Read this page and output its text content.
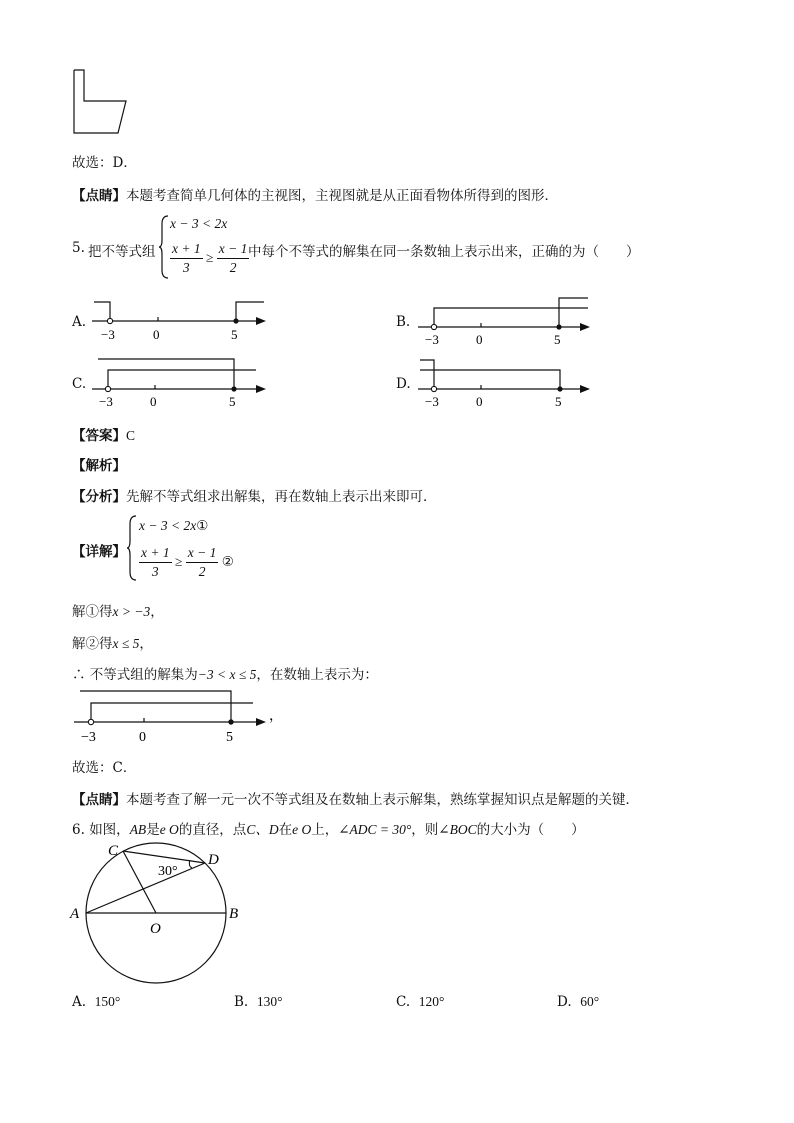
故选：D．
【点睛】本题考查简单几何体的主视图，主视图就是从正面看物体所得到的图形．
5. 把不等式组
x − 3 < 2x
$\frac{x + 1}{3} \ge \frac{x - 1}{2}$
中每个不等式的解集在同一条数轴上表示出来，正确的为（　　）
A.
−3	0	5
B.
−3	0	5
C.
−3	0	5
D.
−3	0	5
【答案】C
【解析】
【分析】先解不等式组求出解集，再在数轴上表示出来即可．
【详解】
x − 3 < 2x①
$\frac{x + 1}{3} \ge \frac{x - 1}{2}$ ②
解①得x > −3，
解②得x ≤ 5，
∴ 不等式组的解集为−3 < x ≤ 5，在数轴上表示为：
−3	0	5
，
故选：C．
【点睛】本题考查了解一元一次不等式组及在数轴上表示解集，熟练掌握知识点是解题的关键．
6. 如图，AB是e O的直径，点C、D在e O上，∠ADC = 30°，则∠BOC的大小为（　　）
C
D
A	B
O
30°
A. 150°	B. 130°	C. 120°	D. 60°
